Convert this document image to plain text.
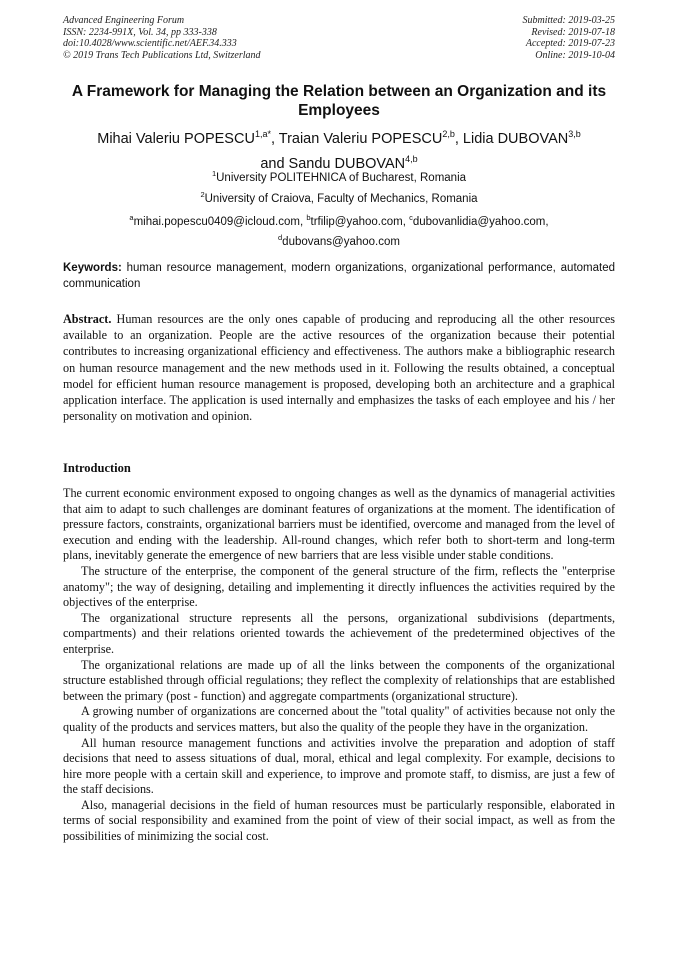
Advanced Engineering Forum
ISSN: 2234-991X, Vol. 34, pp 333-338
doi:10.4028/www.scientific.net/AEF.34.333
© 2019 Trans Tech Publications Ltd, Switzerland
Submitted: 2019-03-25
Revised: 2019-07-18
Accepted: 2019-07-23
Online: 2019-10-04
A Framework for Managing the Relation between an Organization and its Employees
Mihai Valeriu $POPESCU^{1,a*}$, Traian Valeriu POPESCU$^{2,b}$, Lidia DUBOVAN$^{3,b}$
and Sandu DUBOVAN$^{4,b}$
$^1$University POLITEHNICA of Bucharest, Romania
$^2$University of Craiova, Faculty of Mechanics, Romania
$^a$mihai.popescu0409@icloud.com, $^b$trfilip@yahoo.com, $^c$dubovanlidia@yahoo.com,
$^d$dubovans@yahoo.com
Keywords: human resource management, modern organizations, organizational performance, automated communication
Abstract. Human resources are the only ones capable of producing and reproducing all the other resources available to an organization. People are the active resources of the organization because their potential contributes to increasing organizational efficiency and effectiveness. The authors make a bibliographic research on human resource management and the new methods used in it. Following the results obtained, a conceptual model for efficient human resource management is proposed, developing both an architecture and a graphical application interface. The application is used internally and emphasizes the tasks of each employee and his / her personality on motivation and opinion.
Introduction

The current economic environment exposed to ongoing changes as well as the dynamics of managerial activities that aim to adapt to such challenges are dominant features of organizations at the moment. The identification of pressure factors, constraints, organizational barriers must be identified, overcome and managed from the level of execution and ending with the leadership. All-round changes, which refer both to short-term and long-term plans, inevitably generate the emergence of new barriers that are less visible under stable conditions.

The structure of the enterprise, the component of the general structure of the firm, reflects the "enterprise anatomy"; the way of designing, detailing and implementing it directly influences the activities required by the objectives of the enterprise.

The organizational structure represents all the persons, organizational subdivisions (departments, compartments) and their relations oriented towards the achievement of the predetermined objectives of the enterprise.

The organizational relations are made up of all the links between the components of the organizational structure established through official regulations; they reflect the complexity of relationships that are established between the primary (post - function) and aggregate compartments (organizational structure).

A growing number of organizations are concerned about the "total quality" of activities because not only the quality of the products and services matters, but also the quality of the people they have in the organization.

All human resource management functions and activities involve the preparation and adoption of staff decisions that need to assess situations of dual, moral, ethical and legal complexity. For example, decisions to hire more people with a certain skill and experience, to improve and promote staff, to dismiss, are just a few of the staff decisions.

Also, managerial decisions in the field of human resources must be particularly responsible, elaborated in terms of social responsibility and examined from the point of view of their social impact, as well as from the possibilities of minimizing the social cost.
